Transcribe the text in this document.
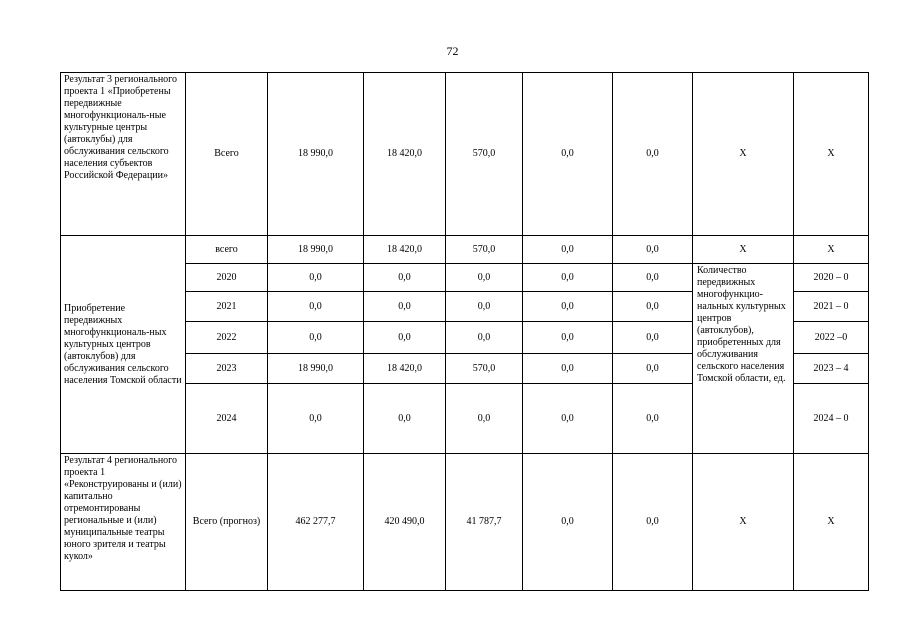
72
Результат 3 регионального проекта 1 «Приобретены передвижные многофункциональ-ные культурные центры (автоклубы) для обслуживания сельского населения субъектов Российской Федерации»	Всего	18 990,0	18 420,0	570,0	0,0	0,0	X	X
Приобретение передвижных многофункциональ-ных культурных центров (автоклубов) для обслуживания сельского населения Томской области	всего	18 990,0	18 420,0	570,0	0,0	0,0	X	X
	2020	0,0	0,0	0,0	0,0	0,0	Количество передвижных многофункцио-нальных культурных центров (автоклубов), приобретенных для обслуживания сельского населения Томской области, ед.	2020 – 0
	2021	0,0	0,0	0,0	0,0	0,0		2021 – 0
	2022	0,0	0,0	0,0	0,0	0,0		2022 –0
	2023	18 990,0	18 420,0	570,0	0,0	0,0		2023 – 4
	2024	0,0	0,0	0,0	0,0	0,0		2024 – 0
Результат 4 регионального проекта 1 «Реконструированы и (или) капитально отремонтированы региональные и (или) муниципальные театры юного зрителя и театры кукол»	Всего (прогноз)	462 277,7	420 490,0	41 787,7	0,0	0,0	X	X
